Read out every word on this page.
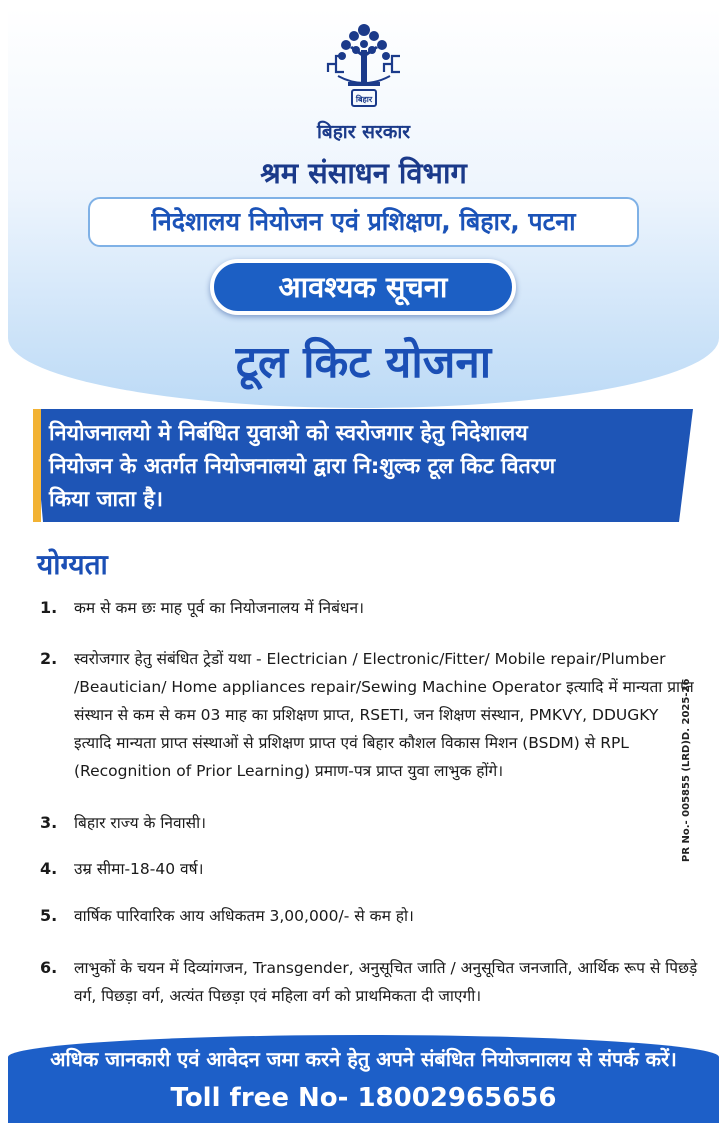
बिहार
बिहार सरकार
श्रम संसाधन विभाग
निदेशालय नियोजन एवं प्रशिक्षण, बिहार, पटना
आवश्यक सूचना
टूल किट योजना
नियोजनालयो मे निबंधित युवाओ को स्वरोजगार हेतु निदेशालय
नियोजन के अतर्गत नियोजनालयो द्वारा नि:शुल्क टूल किट वितरण
किया जाता है।
योग्यता
1.	कम से कम छः माह पूर्व का नियोजनालय में निबंधन।
2.	स्वरोजगार हेतु संबंधित ट्रेडों यथा - Electrician / Electronic/Fitter/ Mobile repair/Plumber /Beautician/ Home appliances repair/Sewing Machine Operator इत्यादि में मान्यता प्राप्त संस्थान से कम से कम 03 माह का प्रशिक्षण प्राप्त, RSETI, जन शिक्षण संस्थान, PMKVY, DDUGKY इत्यादि मान्यता प्राप्त संस्थाओं से प्रशिक्षण प्राप्त एवं बिहार कौशल विकास मिशन (BSDM) से RPL (Recognition of Prior Learning) प्रमाण-पत्र प्राप्त युवा लाभुक होंगे।
3.	बिहार राज्य के निवासी।
4.	उम्र सीमा-18-40 वर्ष।
5.	वार्षिक पारिवारिक आय अधिकतम 3,00,000/- से कम हो।
6.	लाभुकों के चयन में दिव्यांगजन, Transgender, अनुसूचित जाति / अनुसूचित जनजाति, आर्थिक रूप से पिछड़े वर्ग, पिछड़ा वर्ग, अत्यंत पिछड़ा एवं महिला वर्ग को प्राथमिकता दी जाएगी।
PR No.- 005855 (LRD)D. 2025-26
अधिक जानकारी एवं आवेदन जमा करने हेतु अपने संबंधित नियोजनालय से संपर्क करें।
Toll free No- 18002965656
